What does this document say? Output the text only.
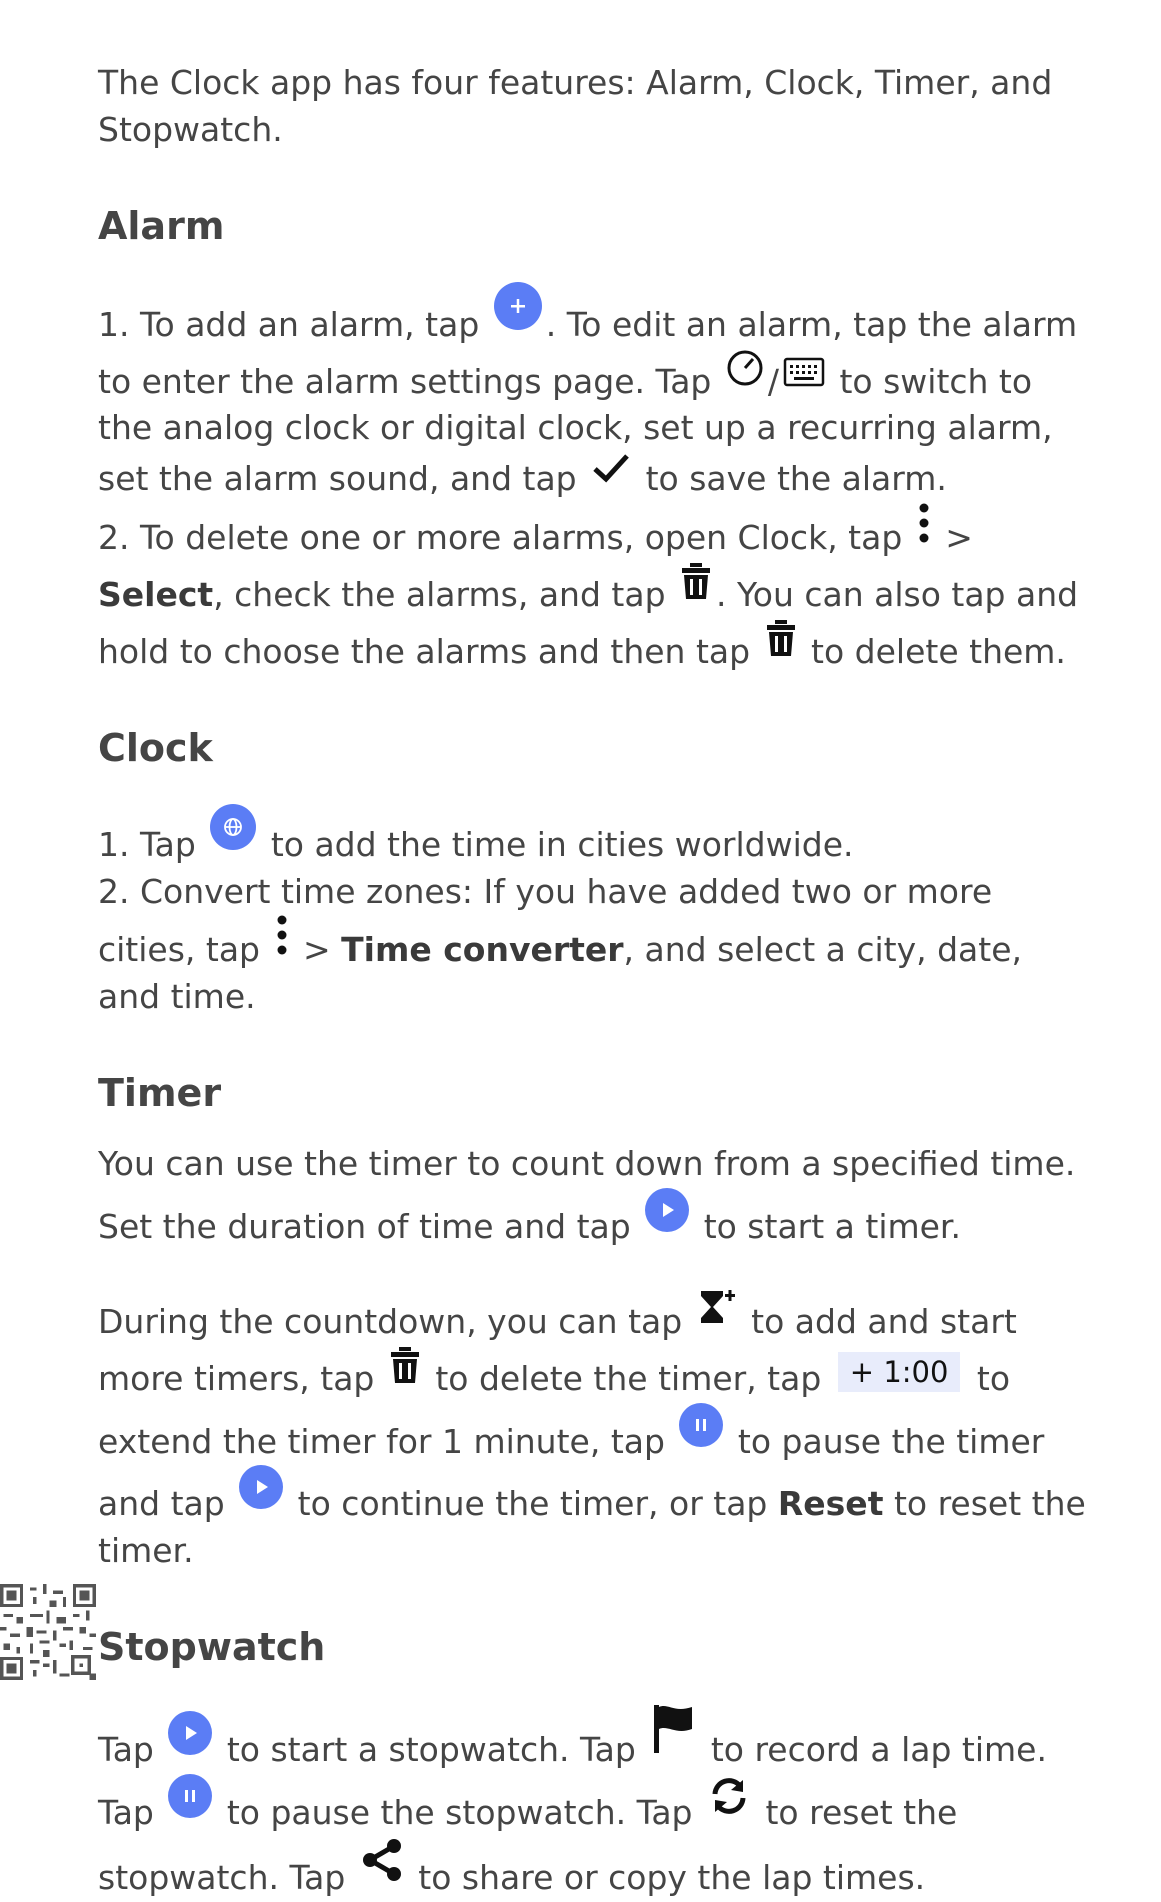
The Clock app has four features: Alarm, Clock, Timer, and Stopwatch.

Alarm

1. To add an alarm, tap . To edit an alarm, tap the alarm to enter the alarm settings page. Tap / to switch to the analog clock or digital clock, set up a recurring alarm, set the alarm sound, and tap  to save the alarm.

2. To delete one or more alarms, open Clock, tap  > Select, check the alarms, and tap . You can also tap and hold to choose the alarms and then tap  to delete them.

Clock

1. Tap  to add the time in cities worldwide.

2. Convert time zones: If you have added two or more cities, tap  > Time converter, and select a city, date, and time.

Timer

You can use the timer to count down from a specified time. Set the duration of time and tap  to start a timer.

During the countdown, you can tap  to add and start more timers, tap  to delete the timer, tap + 1:00 to extend the timer for 1 minute, tap  to pause the timer and tap  to continue the timer, or tap Reset to reset the timer.

Stopwatch

Tap  to start a stopwatch. Tap  to record a lap time. Tap  to pause the stopwatch. Tap  to reset the stopwatch. Tap  to share or copy the lap times.
